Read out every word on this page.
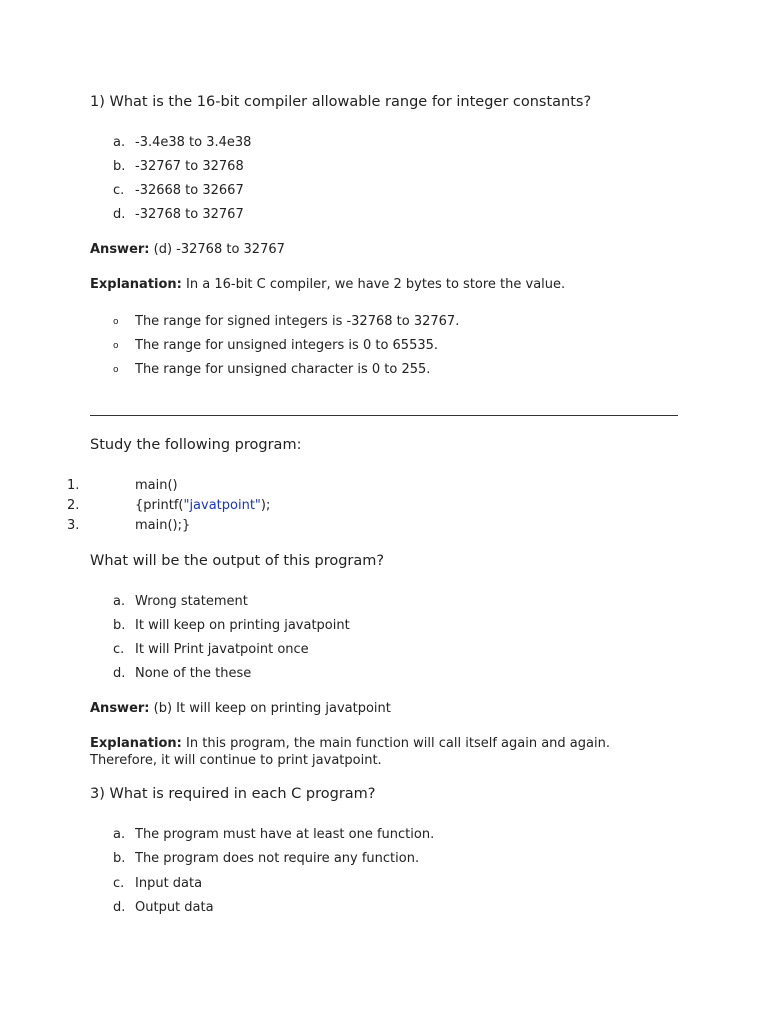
1) What is the 16-bit compiler allowable range for integer constants?
a. -3.4e38 to 3.4e38
b. -32767 to 32768
c. -32668 to 32667
d. -32768 to 32767
Answer: (d) -32768 to 32767
Explanation: In a 16-bit C compiler, we have 2 bytes to store the value.
o The range for signed integers is -32768 to 32767.
o The range for unsigned integers is 0 to 65535.
o The range for unsigned character is 0 to 255.
Study the following program:
1.	main()
2.	{printf("javatpoint");
3.	main();}
What will be the output of this program?
a. Wrong statement
b. It will keep on printing javatpoint
c. It will Print javatpoint once
d. None of the these
Answer: (b) It will keep on printing javatpoint
Explanation: In this program, the main function will call itself again and again. Therefore, it will continue to print javatpoint.
3) What is required in each C program?
a. The program must have at least one function.
b. The program does not require any function.
c. Input data
d. Output data
